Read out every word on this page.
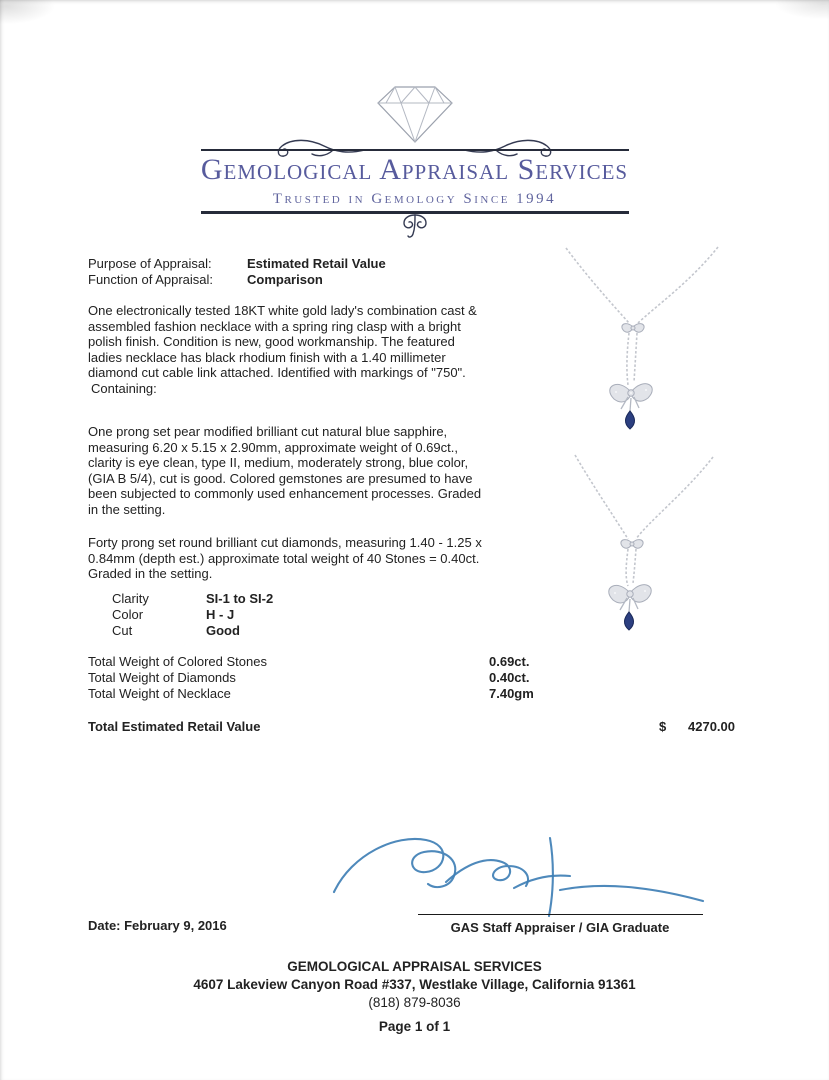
Gemological Appraisal Services
Trusted in Gemology Since 1994
Purpose of Appraisal:	Estimated Retail Value
Function of Appraisal:	Comparison
One electronically tested 18KT white gold lady's combination cast & assembled fashion necklace with a spring ring clasp with a bright polish finish. Condition is new, good workmanship. The featured ladies necklace has black rhodium finish with a 1.40 millimeter diamond cut cable link attached. Identified with markings of "750".
Containing:
One prong set pear modified brilliant cut natural blue sapphire, measuring 6.20 x 5.15 x 2.90mm, approximate weight of 0.69ct., clarity is eye clean, type II, medium, moderately strong, blue color, (GIA B 5/4), cut is good. Colored gemstones are presumed to have been subjected to commonly used enhancement processes. Graded in the setting.
Forty prong set round brilliant cut diamonds, measuring 1.40 - 1.25 x 0.84mm (depth est.) approximate total weight of 40 Stones = 0.40ct. Graded in the setting.
Clarity	SI-1 to SI-2
Color	H - J
Cut	Good
Total Weight of Colored Stones	0.69ct.
Total Weight of Diamonds	0.40ct.
Total Weight of Necklace	7.40gm
Total Estimated Retail Value	$ 4270.00
Date: February 9, 2016	GAS Staff Appraiser / GIA Graduate
GEMOLOGICAL APPRAISAL SERVICES
4607 Lakeview Canyon Road #337, Westlake Village, California 91361
(818) 879-8036
Page 1 of 1
